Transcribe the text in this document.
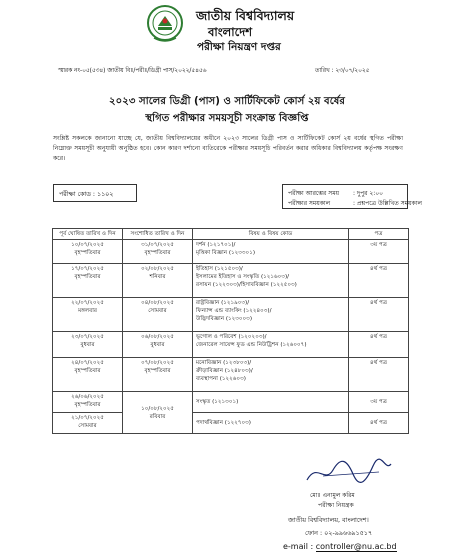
জাতীয় বিশ্ববিদ্যালয়
বাংলাদেশ
পরীক্ষা নিয়ন্ত্রণ দপ্তর
স্মারক নং-০৫(৫৩৪) জাতীয় বিঃ/পরীঃ/ডিগ্রী পাস/২০২২/৫৪৫৬	তারিখ : ২৩/০৭/২০২৫
২০২৩ সালের ডিগ্রী (পাস) ও সার্টিফিকেট কোর্স ২য় বর্ষের
স্থগিত পরীক্ষার সময়সূচী সংক্রান্ত বিজ্ঞপ্তি
সংশ্লিষ্ট সকলকে জানানো যাচ্ছে যে, জাতীয় বিশ্ববিদ্যালয়ের অধীনে ২০২৩ সালের ডিগ্রী পাস ও সার্টিফিকেট কোর্স ২য় বর্ষের স্থগিত পরীক্ষা নিম্নোক্ত সময়সূচী অনুযায়ী অনুষ্ঠিত হবে। কোন কারণ দর্শানো ব্যতিরেকে পরীক্ষার সময়সূচি পরিবর্তন করার অধিকার বিশ্ববিদ্যালয় কর্তৃপক্ষ সংরক্ষণ করে।
পরীক্ষা কোড : ১১০২	পরীক্ষা আরম্ভের সময় : দুপুর ২:০০
পরীক্ষার সময়কাল	: প্রশ্নপত্রে উল্লিখিত সময়কাল
পূর্ব ঘোষিত তারিখ ও দিন	সংশোধিত তারিখ ও দিন	বিষয় ও বিষয় কোড	পত্র

১০/০৭/২০২৫
বৃহস্পতিবার	৩১/০৭/২০২৫
বৃহস্পতিবার	দর্শন (১২১৭০১)/
মৃত্তিকা বিজ্ঞান (১২৩৩০১)	৩য় পত্র

১৭/০৭/২০২৫
বৃহস্পতিবার	০২/০৮/২০২৫
শনিবার	ইতিহাস (১২১৫০৩)/
ইসলামের ইতিহাস ও সংস্কৃতি (১২১৬০৩)/
রসায়ন (১২২৩০৩)/হিসাববিজ্ঞান (১২২৫০৩)	৪র্থ পত্র

২২/০৭/২০২৫
মঙ্গলবার	০৪/০৮/২০২৫
সোমবার	রাষ্ট্রবিজ্ঞান (১২১৯০৩)/
ফিন্যান্স এন্ড ব্যাংকিং (১২২৪০৩)/
উদ্ভিদবিজ্ঞান (১২৩০০৩)	৪র্থ পত্র

২৩/০৭/২০২৫
বুধবার	০৬/০৮/২০২৫
বুধবার	ভূগোল ও পরিবেশ (১২০২০৩)/
জেনারেল সায়েন্স ফুড এন্ড নিউট্রিশন (১২৬০০৭)	৪র্থ পত্র

২৪/০৭/২০২৫
বৃহস্পতিবার	০৭/০৮/২০২৫
বৃহস্পতিবার	মনোবিজ্ঞান (১২৩৮০৩)/
ক্রীড়াবিজ্ঞান (১২৪৮০৩)/
ব্যবস্থাপনা (১২২৬০৩)	৪র্থ পত্র

২৬/০৬/২০২৫
বৃহস্পতিবার	১০/০৮/২০২৫
রবিবার	সংস্কৃত (১২১৩০১)	৩য় পত্র

২১/০৭/২০২৫
সোমবার		পদার্থবিজ্ঞান (১২২৭০৩)	৪র্থ পত্র
মোঃ এনামুল করিম
পরীক্ষা নিয়ন্ত্রক
জাতীয় বিশ্ববিদ্যালয়, বাংলাদেশ।
ফোন : ০২-৯৯৬৬৯১৫১৭
e-mail : controller@nu.ac.bd
